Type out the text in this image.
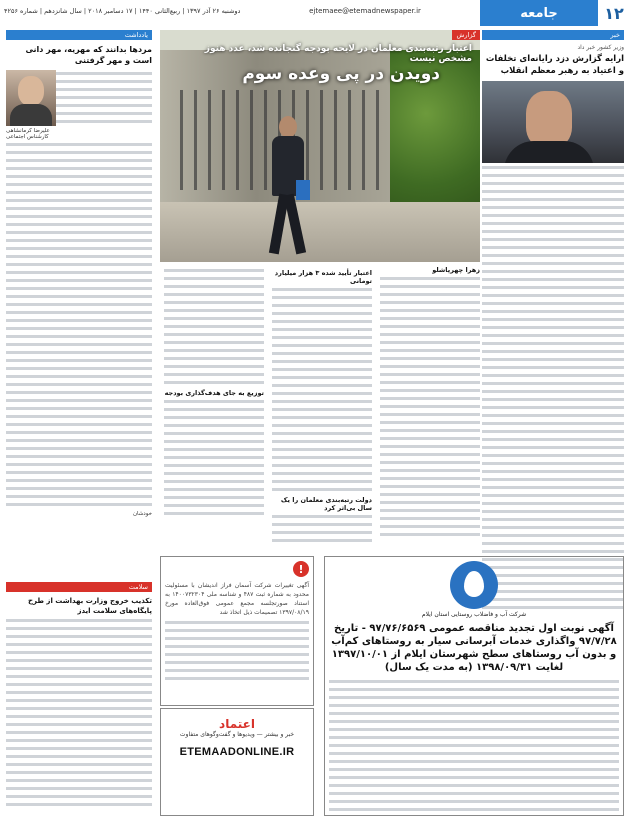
دوشنبه ۲۶ آذر ۱۳۹۷ | ربیع‌الثانی ۱۴۴۰ | ۱۷ دسامبر ۲۰۱۸ | سال شانزدهم | شماره ۴۲۵۶	ejtemaee@etemadnewspaper.ir	جامعه	۱۲
خبر
وزیر کشور خبر داد
ارایه گزارش دزد رایانه‌ای تخلفات و اعتیاد به رهبر معظم انقلاب
گزارش
اعتبار رتبه‌بندی معلمان در لایحه بودجه گنجانده شد، عدد هنوز مشخص نیست
دویدن در پی وعده سوم
زهرا چهرپاشلو
اعتبار تأیید شده ۳ هزار میلیارد تومانی
دولت رتبه‌بندی معلمان را یک سال بی‌اثر کرد
توزیع به جای هدف‌گذاری بودجه
یادداشت
مرد‌ها بدانند که مهریه، مهر دانی است و مهر گرفتنی
علیرضا کرمانشاهی
کارشناس اجتماعی
خودشان
سلامت
تکذیب خروج وزارت بهداشت از طرح پایگاه‌های سلامت ایدز	شرکت آب و فاضلاب روستایی استان ایلام
آگهی نوبت اول تجدید مناقصه عمومی ۹۷/۷۶/۶۵۶۹ - تاریخ ۹۷/۷/۲۸ واگذاری خدمات آبرسانی سیار به روستاهای کم‌آب و بدون آب روستاهای سطح شهرستان ایلام از ۱۳۹۷/۱۰/۰۱ لغایت ۱۳۹۸/۰۹/۳۱ (به مدت یک سال)
!
آگهی تغییرات شرکت آسمان فراز اندیشان با مسئولیت محدود به شماره ثبت ۴۸۷ و شناسه ملی ۱۴۰۰۷۳۲۳۰۴ به استناد صورتجلسه مجمع عمومی فوق‌العاده مورخ ۱۳۹۷/۰۸/۱۹ تصمیمات ذیل اتخاذ شد
اعتماد
خبر و بیشتر — ویدیوها و گفت‌وگوهای متفاوت
ETEMAADONLINE.IR
